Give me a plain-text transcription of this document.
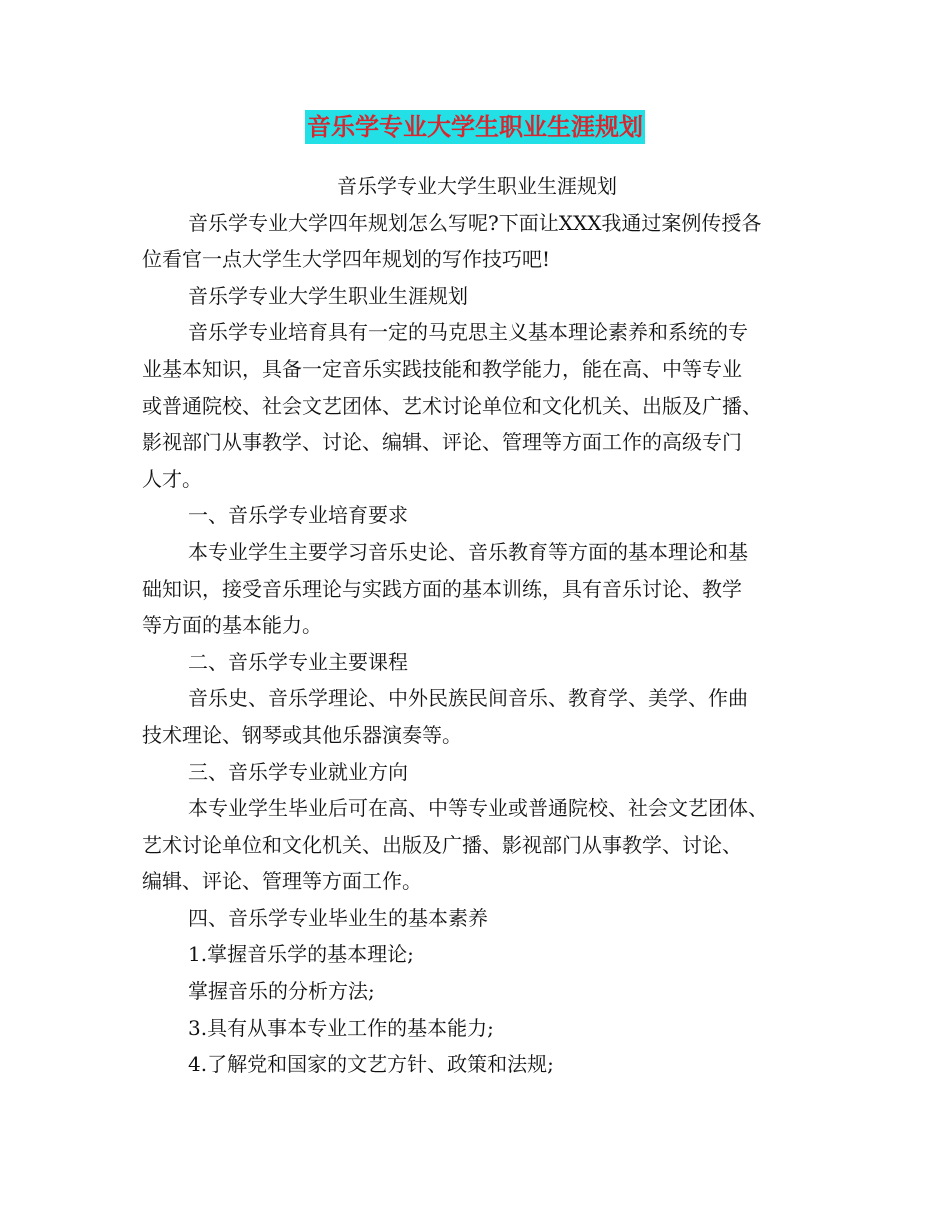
音乐学专业大学生职业生涯规划
音乐学专业大学生职业生涯规划
音乐学专业大学四年规划怎么写呢?下面让XXX我通过案例传授各
位看官一点大学生大学四年规划的写作技巧吧!
音乐学专业大学生职业生涯规划
音乐学专业培育具有一定的马克思主义基本理论素养和系统的专
业基本知识，具备一定音乐实践技能和教学能力，能在高、中等专业
或普通院校、社会文艺团体、艺术讨论单位和文化机关、出版及广播、
影视部门从事教学、讨论、编辑、评论、管理等方面工作的高级专门
人才。
一、音乐学专业培育要求
本专业学生主要学习音乐史论、音乐教育等方面的基本理论和基
础知识，接受音乐理论与实践方面的基本训练，具有音乐讨论、教学
等方面的基本能力。
二、音乐学专业主要课程
音乐史、音乐学理论、中外民族民间音乐、教育学、美学、作曲
技术理论、钢琴或其他乐器演奏等。
三、音乐学专业就业方向
本专业学生毕业后可在高、中等专业或普通院校、社会文艺团体、
艺术讨论单位和文化机关、出版及广播、影视部门从事教学、讨论、
编辑、评论、管理等方面工作。
四、音乐学专业毕业生的基本素养
1.掌握音乐学的基本理论;
掌握音乐的分析方法;
3.具有从事本专业工作的基本能力;
4.了解党和国家的文艺方针、政策和法规;
